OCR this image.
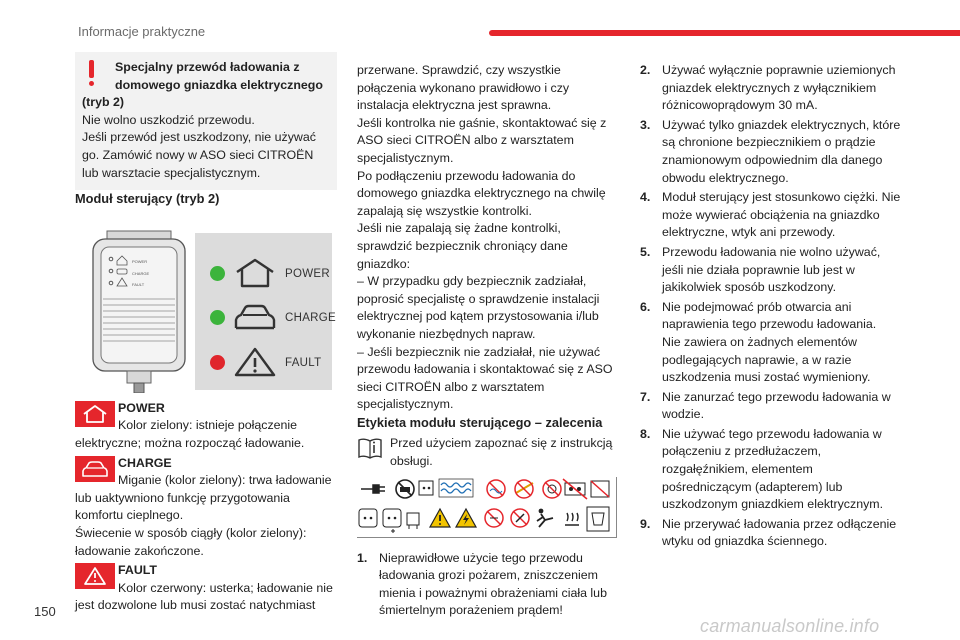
Informacje praktyczne

Specjalny przewód ładowania z
domowego gniazdka elektrycznego

(tryb 2)

Nie wolno uszkodzić przewodu.

Jeśli przewód jest uszkodzony, nie używać go. Zamówić nowy w ASO sieci CITROËN lub warsztacie specjalistycznym.

Moduł sterujący (tryb 2)

POWER
CHARGE
FAULT
POWER
CHARGE
FAULT
POWER
Kolor zielony: istnieje połączenie elektryczne; można rozpocząć ładowanie.
CHARGE
Miganie (kolor zielony): trwa ładowanie lub uaktywniono funkcję przygotowania komfortu cieplnego.
Świecenie w sposób ciągły (kolor zielony): ładowanie zakończone.
FAULT
Kolor czerwony: usterka; ładowanie nie jest dozwolone lub musi zostać natychmiast

przerwane. Sprawdzić, czy wszystkie połączenia wykonano prawidłowo i czy instalacja elektryczna jest sprawna.

Jeśli kontrolka nie gaśnie, skontaktować się z ASO sieci CITROËN albo z warsztatem specjalistycznym.

Po podłączeniu przewodu ładowania do domowego gniazdka elektrycznego na chwilę zapalają się wszystkie kontrolki.

Jeśli nie zapalają się żadne kontrolki, sprawdzić bezpiecznik chroniący dane gniazdko:

– W przypadku gdy bezpiecznik zadziałał, poprosić specjalistę o sprawdzenie instalacji elektrycznej pod kątem przystosowania i/lub wykonanie niezbędnych napraw.

– Jeśli bezpiecznik nie zadziałał, nie używać przewodu ładowania i skontaktować się z ASO sieci CITROËN albo z warsztatem specjalistycznym.

Etykieta modułu sterującego – zalecenia

Przed użyciem zapoznać się z instrukcją obsługi.
1. Nieprawidłowe użycie tego przewodu ładowania grozi pożarem, zniszczeniem mienia i poważnymi obrażeniami ciała lub śmiertelnym porażeniem prądem!
2. Używać wyłącznie poprawnie uziemionych gniazdek elektrycznych z wyłącznikiem różnicowoprądowym 30 mA.
3. Używać tylko gniazdek elektrycznych, które są chronione bezpiecznikiem o prądzie znamionowym odpowiednim dla danego obwodu elektrycznego.
4. Moduł sterujący jest stosunkowo ciężki. Nie może wywierać obciążenia na gniazdko elektryczne, wtyk ani przewody.
5. Przewodu ładowania nie wolno używać, jeśli nie działa poprawnie lub jest w jakikolwiek sposób uszkodzony.
6. Nie podejmować prób otwarcia ani naprawienia tego przewodu ładowania.
Nie zawiera on żadnych elementów podlegających naprawie, a w razie uszkodzenia musi zostać wymieniony.
7. Nie zanurzać tego przewodu ładowania w wodzie.
8. Nie używać tego przewodu ładowania w połączeniu z przedłużaczem, rozgałęźnikiem, elementem pośredniczącym (adapterem) lub uszkodzonym gniazdkiem elektrycznym.
9. Nie przerywać ładowania przez odłączenie wtyku od gniazdka ściennego.
150
carmanualsonline.info
